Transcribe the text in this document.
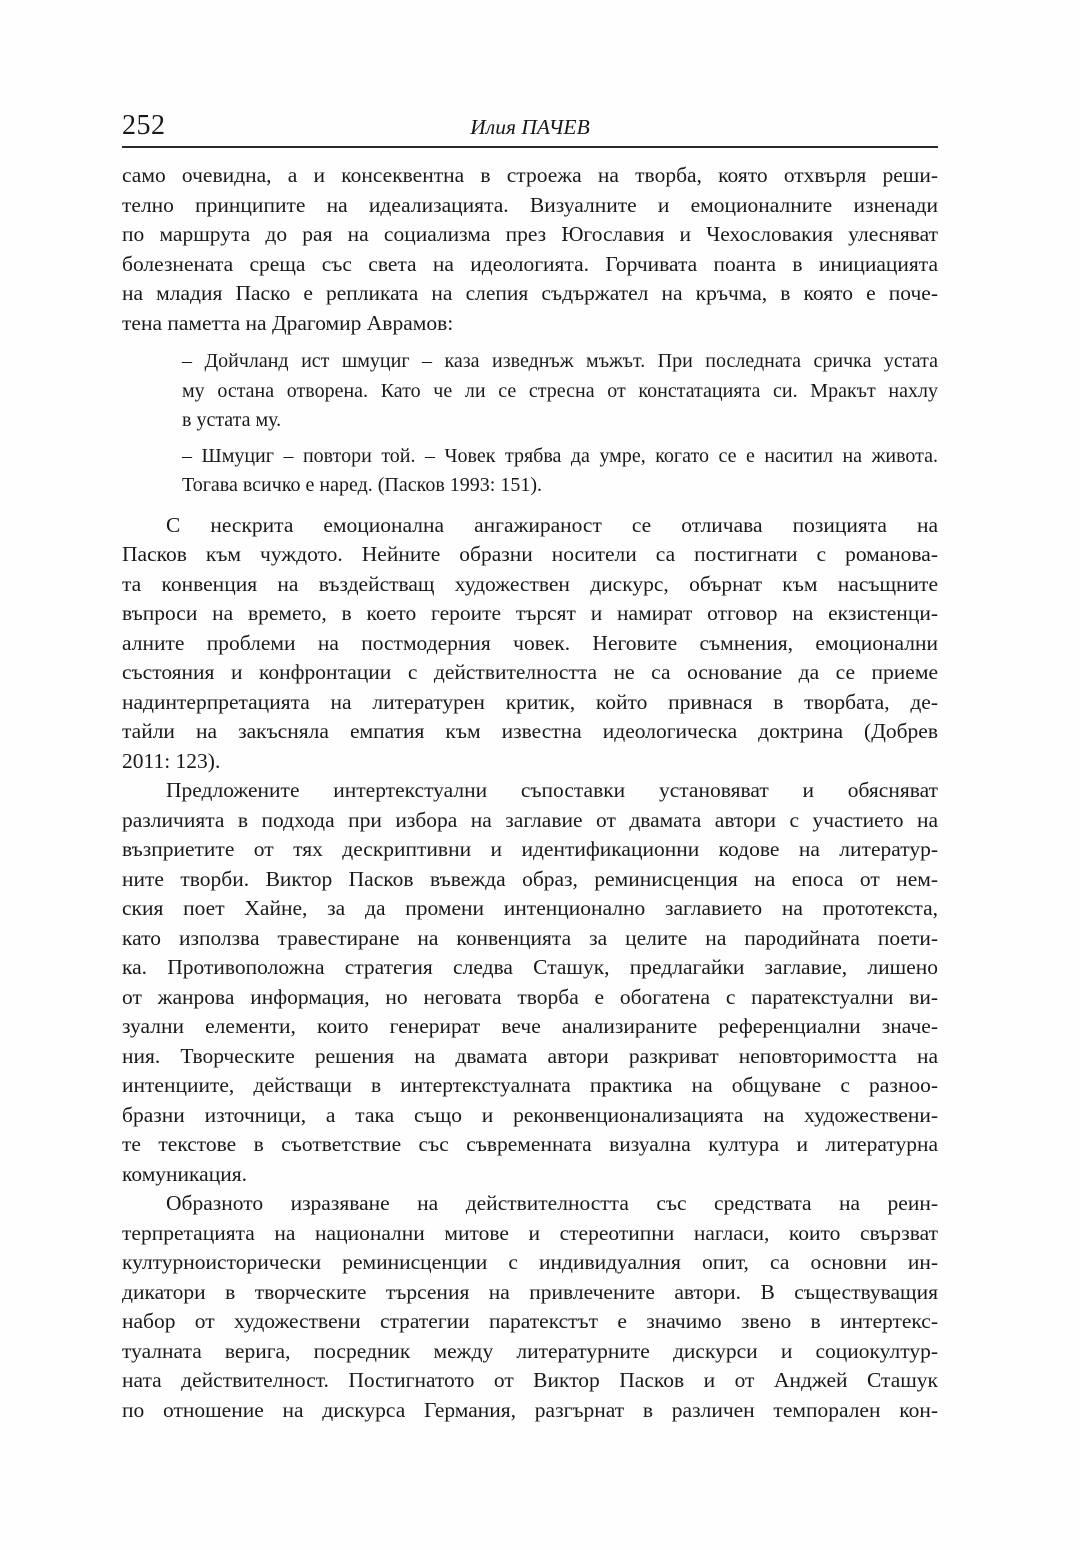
252	Илия ПАЧЕВ
само очевидна, а и консеквентна в строежа на творба, която отхвърля реши-
телно принципите на идеализацията. Визуалните и емоционалните изненади
по маршрута до рая на социализма през Югославия и Чехословакия улесняват
болезнената среща със света на идеологията. Горчивата поанта в инициацията
на младия Паско е репликата на слепия съдържател на кръчма, в която е поче-
тена паметта на Драгомир Аврамов:
– Дойчланд ист шмуциг – каза изведнъж мъжът. При последната сричка устата
му остана отворена. Като че ли се стресна от констатацията си. Мракът нахлу
в устата му.
– Шмуциг – повтори той. – Човек трябва да умре, когато се е наситил на живота.
Тогава всичко е наред. (Пасков 1993: 151).
С нескрита емоционална ангажираност се отличава позицията на
Пасков към чуждото. Нейните образни носители са постигнати с романова-
та конвенция на въздействащ художествен дискурс, обърнат към насъщните
въпроси на времето, в което героите търсят и намират отговор на екзистенци-
алните проблеми на постмодерния човек. Неговите съмнения, емоционални
състояния и конфронтации с действителността не са основание да се приеме
надинтерпретацията на литературен критик, който привнася в творбата, де-
тайли на закъсняла емпатия към известна идеологическа доктрина (Добрев
2011: 123).
Предложените интертекстуални съпоставки установяват и обясняват
различията в подхода при избора на заглавие от двамата автори с участието на
възприетите от тях дескриптивни и идентификационни кодове на литератур-
ните творби. Виктор Пасков въвежда образ, реминисценция на епоса от нем-
ския поет Хайне, за да промени интенционално заглавието на прототекста,
като използва травестиране на конвенцията за целите на пародийната поети-
ка. Противоположна стратегия следва Сташук, предлагайки заглавие, лишено
от жанрова информация, но неговата творба е обогатена с паратекстуални ви-
зуални елементи, които генерират вече анализираните референциални значе-
ния. Творческите решения на двамата автори разкриват неповторимостта на
интенциите, действащи в интертекстуалната практика на общуване с разноо-
бразни източници, а така също и реконвенционализацията на художествени-
те текстове в съответствие със съвременната визуална култура и литературна
комуникация.
Образното изразяване на действителността със средствата на реин-
терпретацията на национални митове и стереотипни нагласи, които свързват
културноисторически реминисценции с индивидуалния опит, са основни ин-
дикатори в творческите търсения на привлечените автори. В съществуващия
набор от художествени стратегии паратекстът е значимо звено в интертекс-
туалната верига, посредник между литературните дискурси и социокултур-
ната действителност. Постигнатото от Виктор Пасков и от Анджей Сташук
по отношение на дискурса Германия, разгърнат в различен темпорален кон-
